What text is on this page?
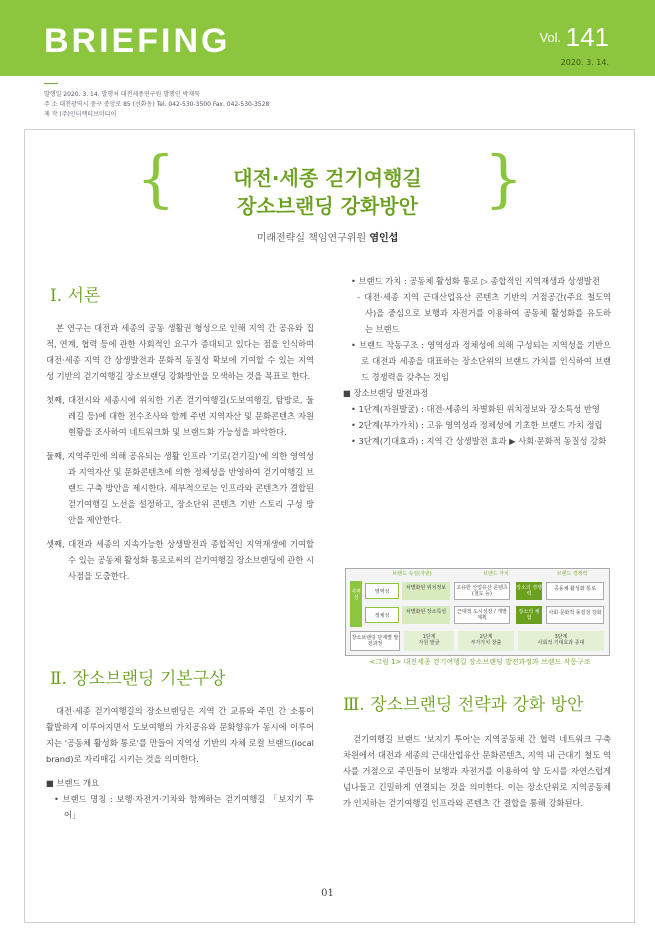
BRIEFING	$^{Vol.}$ 141
2020. 3. 14.
발행일 2020. 3. 14. 발행처 대전세종연구원 발행인 박재묵
주 소 대전광역시 중구 중앙로 85 (선화동) Tel. 042-530-3500 Fax. 042-530-3528
제 작 (주)인터랙티브미디어
{	}
대전·세종 걷기여행길
장소브랜딩 강화방안
미래전략실 책임연구위원 염인섭
Ⅰ. 서론

본 연구는 대전과 세종의 공동 생활권 형성으로 인해 지역 간 공유와 집적, 연계, 협력 등에 관한 사회적인 요구가 증대되고 있다는 점을 인식하여 대전·세종 지역 간 상생발전과 문화적 동질성 확보에 기여할 수 있는 지역성 기반의 걷기여행길 장소브랜딩 강화방안을 모색하는 것을 목표로 한다.

첫째, 대전시와 세종시에 위치한 기존 걷기여행길(도보여행길, 탐방로, 둘레길 등)에 대한 전수조사와 함께 주변 지역자산 및 문화콘텐츠 자원 현황을 조사하여 네트워크화 및 브랜드화 가능성을 파악한다.

둘째, 지역주민에 의해 공유되는 생활 인프라 '기로(걷기길)'에 의한 영역성과 지역자산 및 문화콘텐츠에 의한 정체성을 반영하여 걷기여행길 브랜드 구축 방안을 제시한다. 세부적으로는 인프라와 콘텐츠가 결합된 걷기여행길 노선을 설정하고, 장소단위 콘텐츠 기반 스토리 구성 방안을 제안한다.

셋째, 대전과 세종의 지속가능한 상생발전과 종합적인 지역재생에 기여할 수 있는 공동체 활성화 통로로써의 걷기여행길 장소브랜딩에 관한 시사점을 도출한다.

Ⅱ. 장소브랜딩 기본구상

대전·세종 걷기여행길의 장소브랜딩은 지역 간 교류와 주민 간 소통이 활발하게 이루어지면서 도보여행의 가치공유와 문화향유가 동시에 이루어지는 '공동체 활성화 통로'를 만들어 지역성 기반의 자체 로컬 브랜드(local brand)로 자리매김 시키는 것을 의미한다.

■ 브랜드 개요

• 브랜드 명칭 : 보행·자전거·기차와 함께하는 걷기여행길 「보지기 투어」

• 브랜드 가치 : 공동체 활성화 통로 ▷ 종합적인 지역재생과 상생발전

- 대전·세종 지역 근대산업유산 콘텐츠 기반의 거점공간(주요 철도역사)을 중심으로 보행과 자전거를 이용하여 공동체 활성화를 유도하는 브랜드

• 브랜드 작동구조 : 영역성과 정체성에 의해 구성되는 지역성을 기반으로 대전과 세종을 대표하는 장소단위의 브랜드 가치를 인식하여 브랜드 경쟁력을 갖추는 것임

■ 장소브랜딩 발전과정

• 1단계(자원발굴) : 대전·세종의 차별화된 위치정보와 장소특성 반영

• 2단계(부가가치) : 고유 영역성과 정체성에 기초한 브랜드 가치 정립

• 3단계(기대효과) : 지역 간 상생발전 효과 ▶ 사회·문화적 동질성 강화

브랜드 속성(자원)	브랜드 가치	브랜드 경쟁력
지역성
영역성
차별화된 위치정보	고유한 산업유산 콘텐츠(철도 등)
정체성
차별화된 장소특성	근대적 도시성장 / 개발계획
장소의 경쟁력
장소의 체 험
공동체 활성화 통로
사회·문화적 동질성 강화
장소브랜딩 단계별 발전과정
1단계
자원 발굴
2단계
부가가치 창출
3단계
사회적 기대효과 증대
<그림 1> 대전세종 걷기여행길 장소브랜딩 발전과정과 브랜드 작동구조
Ⅲ. 장소브랜딩 전략과 강화 방안

걷기여행길 브랜드 '보지기 투어'는 지역공동체 간 협력 네트워크 구축 차원에서 대전과 세종의 근대산업유산 문화콘텐츠, 지역 내 근대기 철도 역사를 거점으로 주민들이 보행과 자전거를 이용하여 양 도시를 자연스럽게 넘나들고 긴밀하게 연결되는 것을 의미한다. 이는 장소단위로 지역공동체가 인지하는 걷기여행길 인프라와 콘텐츠 간 결합을 통해 강화된다.

01
